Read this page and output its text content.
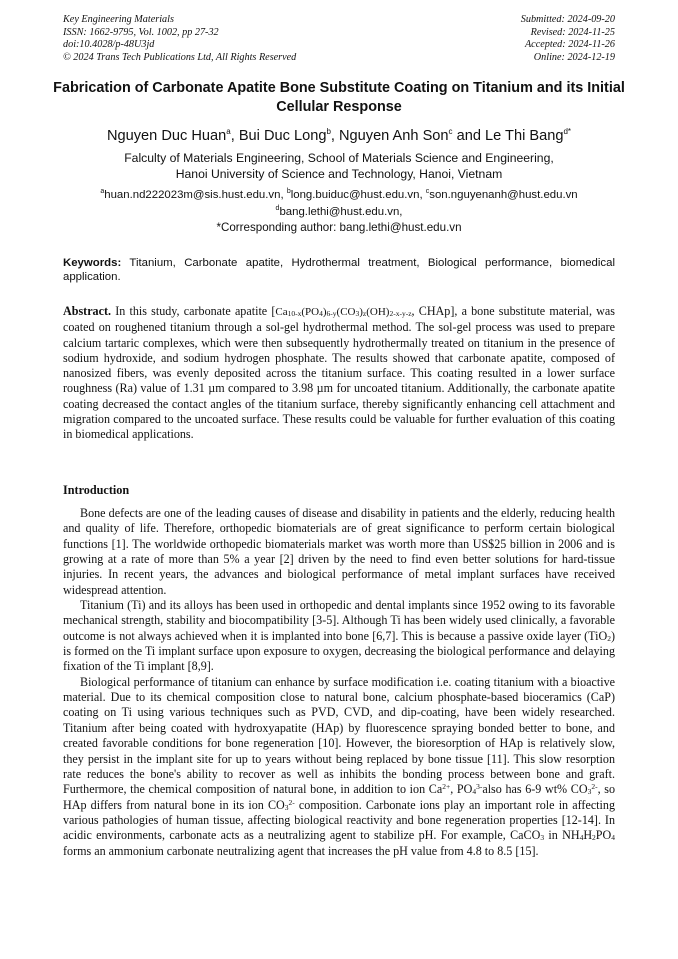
Key Engineering Materials
ISSN: 1662-9795, Vol. 1002, pp 27-32
doi:10.4028/p-48U3jd
© 2024 Trans Tech Publications Ltd, All Rights Reserved
Submitted: 2024-09-20
Revised: 2024-11-25
Accepted: 2024-11-26
Online: 2024-12-19
Fabrication of Carbonate Apatite Bone Substitute Coating on Titanium and its Initial Cellular Response
Nguyen Duc Huan$^a$, Bui Duc Long$^b$, Nguyen Anh Son$^c$ and Le Thi Bang$^{d*}$
Falculty of Materials Engineering, School of Materials Science and Engineering,
Hanoi University of Science and Technology, Hanoi, Vietnam
$^a$huan.nd222023m@sis.hust.edu.vn, $^b$long.buiduc@hust.edu.vn, $^c$son.nguyenanh@hust.edu.vn
$^d$bang.lethi@hust.edu.vn,
*Corresponding author: bang.lethi@hust.edu.vn

Keywords: Titanium, Carbonate apatite, Hydrothermal treatment, Biological performance, biomedical application.

Abstract. In this study, carbonate apatite [$Ca_{10-x}(PO_4)_{6-y}(CO_3)_z(OH)_{2-x-y-z}$, CHAp], a bone substitute material, was coated on roughened titanium through a sol-gel hydrothermal method. The sol-gel process was used to prepare calcium tartaric complexes, which were then subsequently hydrothermally treated on titanium in the presence of sodium hydroxide, and sodium hydrogen phosphate. The results showed that carbonate apatite, composed of nanosized fibers, was evenly deposited across the titanium surface. This coating resulted in a lower surface roughness (Ra) value of 1.31 µm compared to 3.98 µm for uncoated titanium. Additionally, the carbonate apatite coating decreased the contact angles of the titanium surface, thereby significantly enhancing cell attachment and migration compared to the uncoated surface. These results could be valuable for further evaluation of this coating in biomedical applications.

Introduction

Bone defects are one of the leading causes of disease and disability in patients and the elderly, reducing health and quality of life. Therefore, orthopedic biomaterials are of great significance to perform certain biological functions [1]. The worldwide orthopedic biomaterials market was worth more than US$25 billion in 2006 and is growing at a rate of more than 5% a year [2] driven by the need to find even better solutions for hard-tissue injuries. In recent years, the advances and biological performance of metal implant surfaces have received widespread attention.

Titanium (Ti) and its alloys has been used in orthopedic and dental implants since 1952 owing to its favorable mechanical strength, stability and biocompatibility [3-5]. Although Ti has been widely used clinically, a favorable outcome is not always achieved when it is implanted into bone [6,7]. This is because a passive oxide layer (TiO$_2$) is formed on the Ti implant surface upon exposure to oxygen, decreasing the biological performance and delaying fixation of the Ti implant [8,9].

Biological performance of titanium can enhance by surface modification i.e. coating titanium with a bioactive material. Due to its chemical composition close to natural bone, calcium phosphate-based bioceramics (CaP) coating on Ti using various techniques such as PVD, CVD, and dip-coating, have been widely researched. Titanium after being coated with hydroxyapatite (HAp) by fluorescence spraying bonded better to bone, and created favorable conditions for bone regeneration [10]. However, the bioresorption of HAp is relatively slow, they persist in the implant site for up to years without being replaced by bone tissue [11]. This slow resorption rate reduces the bone's ability to recover as well as inhibits the bonding process between bone and graft. Furthermore, the chemical composition of natural bone, in addition to ion $Ca^{2+}$, $PO_4^{3-}also$ has 6-9 wt% $CO_3^{2-}$, so HAp differs from natural bone in its ion $CO_3^{2-}$ composition. Carbonate ions play an important role in affecting various pathologies of human tissue, affecting biological reactivity and bone regeneration properties [12-14]. In acidic environments, carbonate acts as a neutralizing agent to stabilize pH. For example, CaCO$_3$ in $NH_4H_2PO_4$ forms an ammonium carbonate neutralizing agent that increases the pH value from 4.8 to 8.5 [15].
